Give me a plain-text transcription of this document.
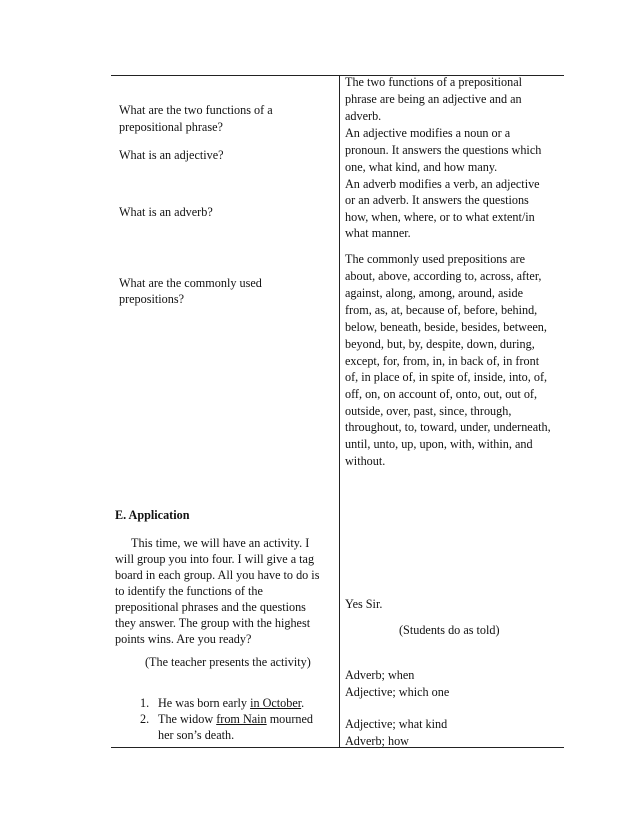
What are the two functions of a
prepositional phrase?
What is an adjective?
What is an adverb?
What are the commonly used
prepositions?
E. Application
This time, we will have an activity. I
will group you into four. I will give a tag
board in each group. All you have to do is
to identify the functions of the
prepositional phrases and the questions
they answer. The group with the highest
points wins. Are you ready?
(The teacher presents the activity)
1. He was born early in October.
2. The widow from Nain mourned
her son’s death.
The two functions of a prepositional
phrase are being an adjective and an
adverb.
An adjective modifies a noun or a
pronoun. It answers the questions which
one, what kind, and how many.
An adverb modifies a verb, an adjective
or an adverb. It answers the questions
how, when, where, or to what extent/in
what manner.
The commonly used prepositions are
about, above, according to, across, after,
against, along, among, around, aside
from, as, at, because of, before, behind,
below, beneath, beside, besides, between,
beyond, but, by, despite, down, during,
except, for, from, in, in back of, in front
of, in place of, in spite of, inside, into, of,
off, on, on account of, onto, out, out of,
outside, over, past, since, through,
throughout, to, toward, under, underneath,
until, unto, up, upon, with, within, and
without.
Yes Sir.
(Students do as told)
Adverb; when
Adjective; which one
Adjective; what kind
Adverb; how
